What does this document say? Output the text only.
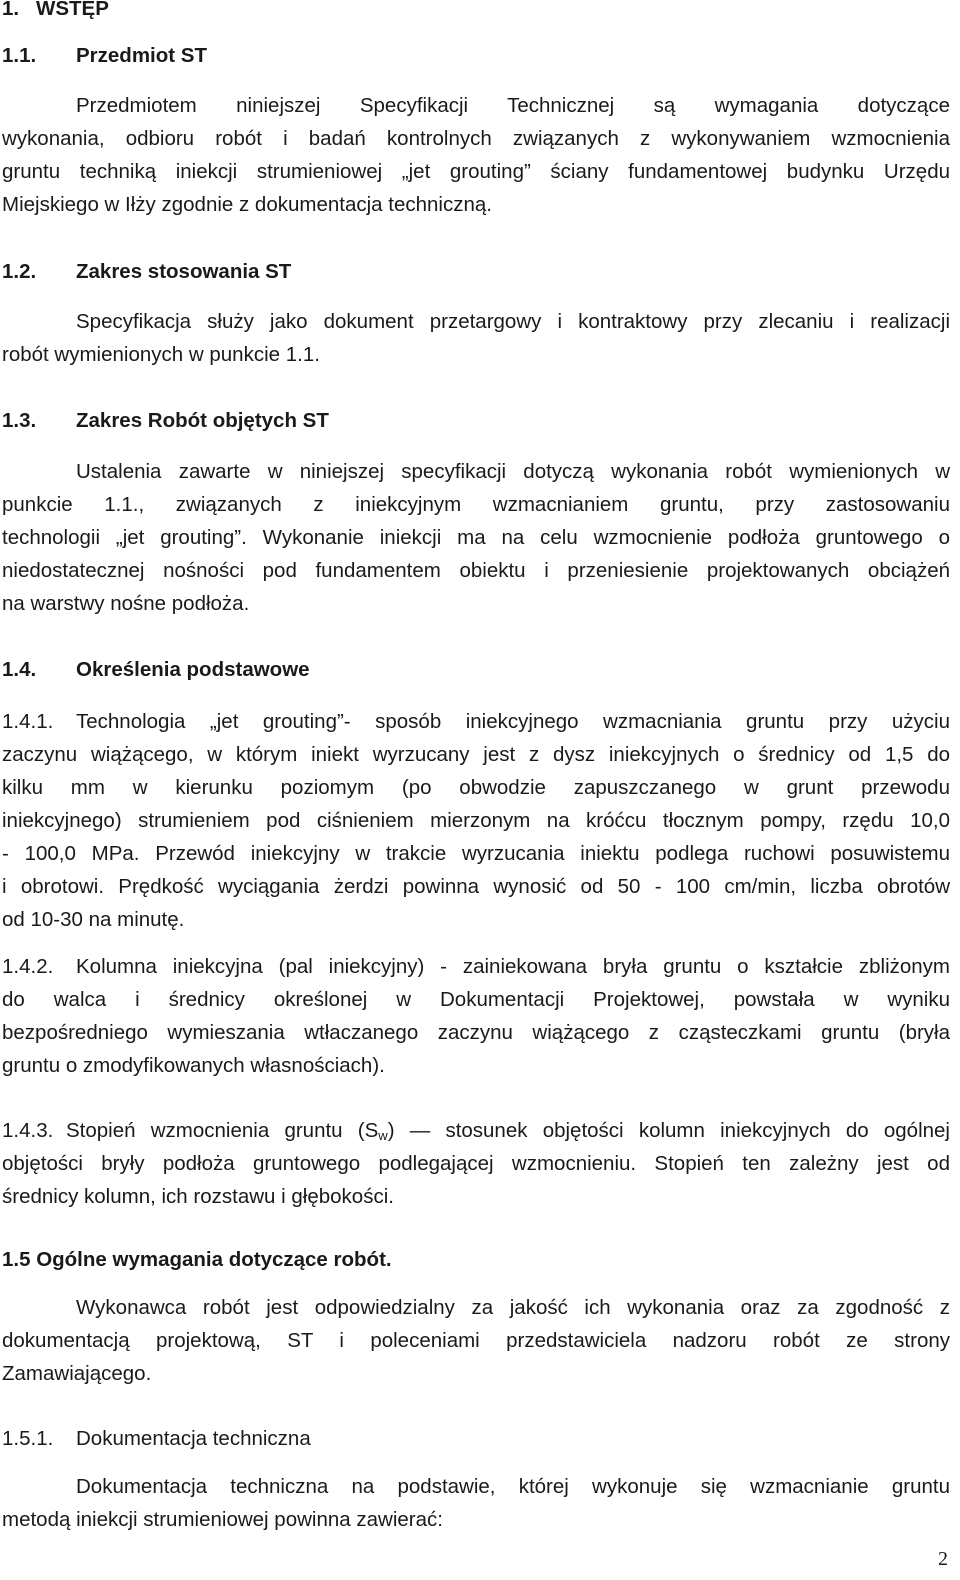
1. WSTĘP
1.1. Przedmiot ST
Przedmiotem niniejszej Specyfikacji Technicznej są wymagania dotyczące
wykonania, odbioru robót i badań kontrolnych związanych z wykonywaniem wzmocnienia
gruntu techniką iniekcji strumieniowej „jet grouting” ściany fundamentowej budynku Urzędu
Miejskiego w Iłży zgodnie z dokumentacja techniczną.
1.2. Zakres stosowania ST
Specyfikacja służy jako dokument przetargowy i kontraktowy przy zlecaniu i realizacji
robót wymienionych w punkcie 1.1.
1.3. Zakres Robót objętych ST
Ustalenia zawarte w niniejszej specyfikacji dotyczą wykonania robót wymienionych w
punkcie 1.1., związanych z iniekcyjnym wzmacnianiem gruntu, przy zastosowaniu
technologii „jet grouting”. Wykonanie iniekcji ma na celu wzmocnienie podłoża gruntowego o
niedostatecznej nośności pod fundamentem obiektu i przeniesienie projektowanych obciążeń
na warstwy nośne podłoża.
1.4. Określenia podstawowe
1.4.1. Technologia „jet grouting”- sposób iniekcyjnego wzmacniania gruntu przy użyciu
zaczynu wiążącego, w którym iniekt wyrzucany jest z dysz iniekcyjnych o średnicy od 1,5 do
kilku mm w kierunku poziomym (po obwodzie zapuszczanego w grunt przewodu
iniekcyjnego) strumieniem pod ciśnieniem mierzonym na króćcu tłocznym pompy, rzędu 10,0
- 100,0 MPa. Przewód iniekcyjny w trakcie wyrzucania iniektu podlega ruchowi posuwistemu
i obrotowi. Prędkość wyciągania żerdzi powinna wynosić od 50 - 100 cm/min, liczba obrotów
od 10-30 na minutę.
1.4.2. Kolumna iniekcyjna (pal iniekcyjny) - zainiekowana bryła gruntu o kształcie zbliżonym
do walca i średnicy określonej w Dokumentacji Projektowej, powstała w wyniku
bezpośredniego wymieszania wtłaczanego zaczynu wiążącego z cząsteczkami gruntu (bryła
gruntu o zmodyfikowanych własnościach).
1.4.3. Stopień wzmocnienia gruntu $(S_w)$ — stosunek objętości kolumn iniekcyjnych do ogólnej
objętości bryły podłoża gruntowego podlegającej wzmocnieniu. Stopień ten zależny jest od
średnicy kolumn, ich rozstawu i głębokości.
1.5 Ogólne wymagania dotyczące robót.
Wykonawca robót jest odpowiedzialny za jakość ich wykonania oraz za zgodność z
dokumentacją projektową, ST i poleceniami przedstawiciela nadzoru robót ze strony
Zamawiającego.
1.5.1. Dokumentacja techniczna
Dokumentacja techniczna na podstawie, której wykonuje się wzmacnianie gruntu
metodą iniekcji strumieniowej powinna zawierać:
2
